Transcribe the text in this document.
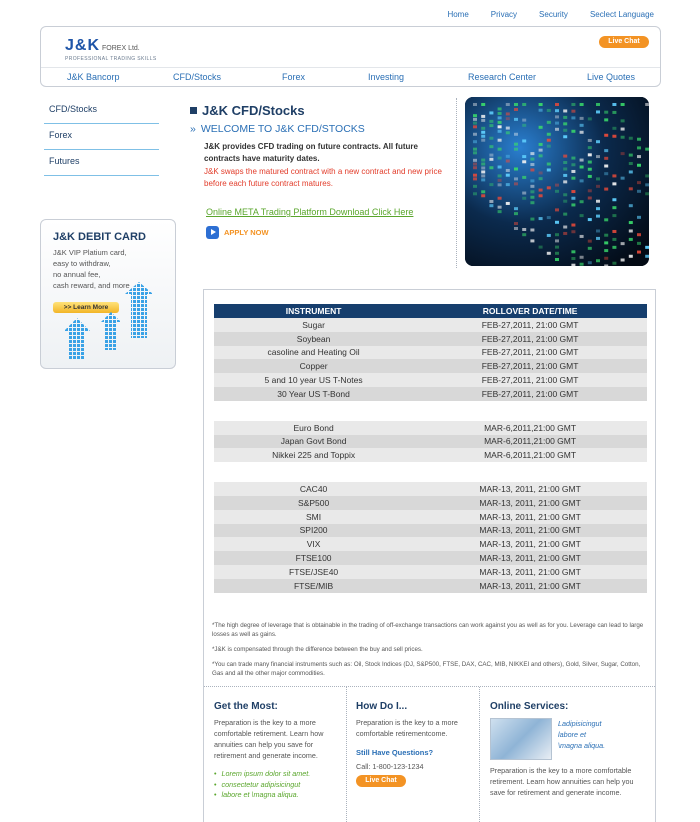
Home	Privacy	Security	Seclect Language
J&K FOREX Ltd.
PROFESSIONAL TRADING SKILLS
Live Chat
J&K Bancorp	CFD/Stocks	Forex	Investing	Research Center	Live Quotes
CFD/Stocks
Forex
Futures
J&K DEBIT CARD

J&K VIP Platium card,
easy to withdraw,
no annual fee,
cash reward, and more

>> Learn More
J&K CFD/Stocks
» WELCOME TO J&K CFD/STOCKS
J&K provides CFD trading on future contracts. All future contracts have maturity dates.
J&K swaps the matured contract with a new contract and new price before each future contract matures.
Online META Trading Platform Download Click Here
APPLY NOW
INSTRUMENT	ROLLOVER DATE/TIME
Sugar	FEB-27,2011, 21:00 GMT
Soybean	FEB-27,2011, 21:00 GMT
casoline and Heating Oil	FEB-27,2011, 21:00 GMT
Copper	FEB-27,2011, 21:00 GMT
5 and 10 year US T-Notes	FEB-27,2011, 21:00 GMT
30 Year US T-Bond	FEB-27,2011, 21:00 GMT

Euro Bond	MAR-6,2011,21:00 GMT
Japan Govt Bond	MAR-6,2011,21:00 GMT
Nikkei 225 and Toppix	MAR-6,2011,21:00 GMT

CAC40	MAR-13, 2011, 21:00 GMT
S&P500	MAR-13, 2011, 21:00 GMT
SMI	MAR-13, 2011, 21:00 GMT
SPI200	MAR-13, 2011, 21:00 GMT
VIX	MAR-13, 2011, 21:00 GMT
FTSE100	MAR-13, 2011, 21:00 GMT
FTSE/JSE40	MAR-13, 2011, 21:00 GMT
FTSE/MIB	MAR-13, 2011, 21:00 GMT

*The high degree of leverage that is obtainable in the trading of off-exchange transactions can work against you as well as for you. Leverage can lead to large losses as well as gains.

*J&K is compensated through the difference between the buy and sell prices.

*You can trade many financial instruments such as: Oil, Stock Indices (DJ, S&P500, FTSE, DAX, CAC, MIB, NIKKEI and others), Gold, Silver, Sugar, Cotton, Gas and all the other major commodities.

Get the Most:
Preparation is the key to a more comfortable retirement. Learn how annuities can help you save for retirement and generate income.
• Lorem ipsum dolor sit amet.
• consectetur adipisicingut
• labore et \magna aliqua.
How Do I...
Preparation is the key to a more comfortable retirementcome.
Still Have Questions?
Call: 1-800-123-1234
Live Chat
Online Services:
Ladipisicingut
labore et
\magna aliqua.
Preparation is the key to a more comfortable retirement. Learn how annuities can help you save for retirement and generate income.
